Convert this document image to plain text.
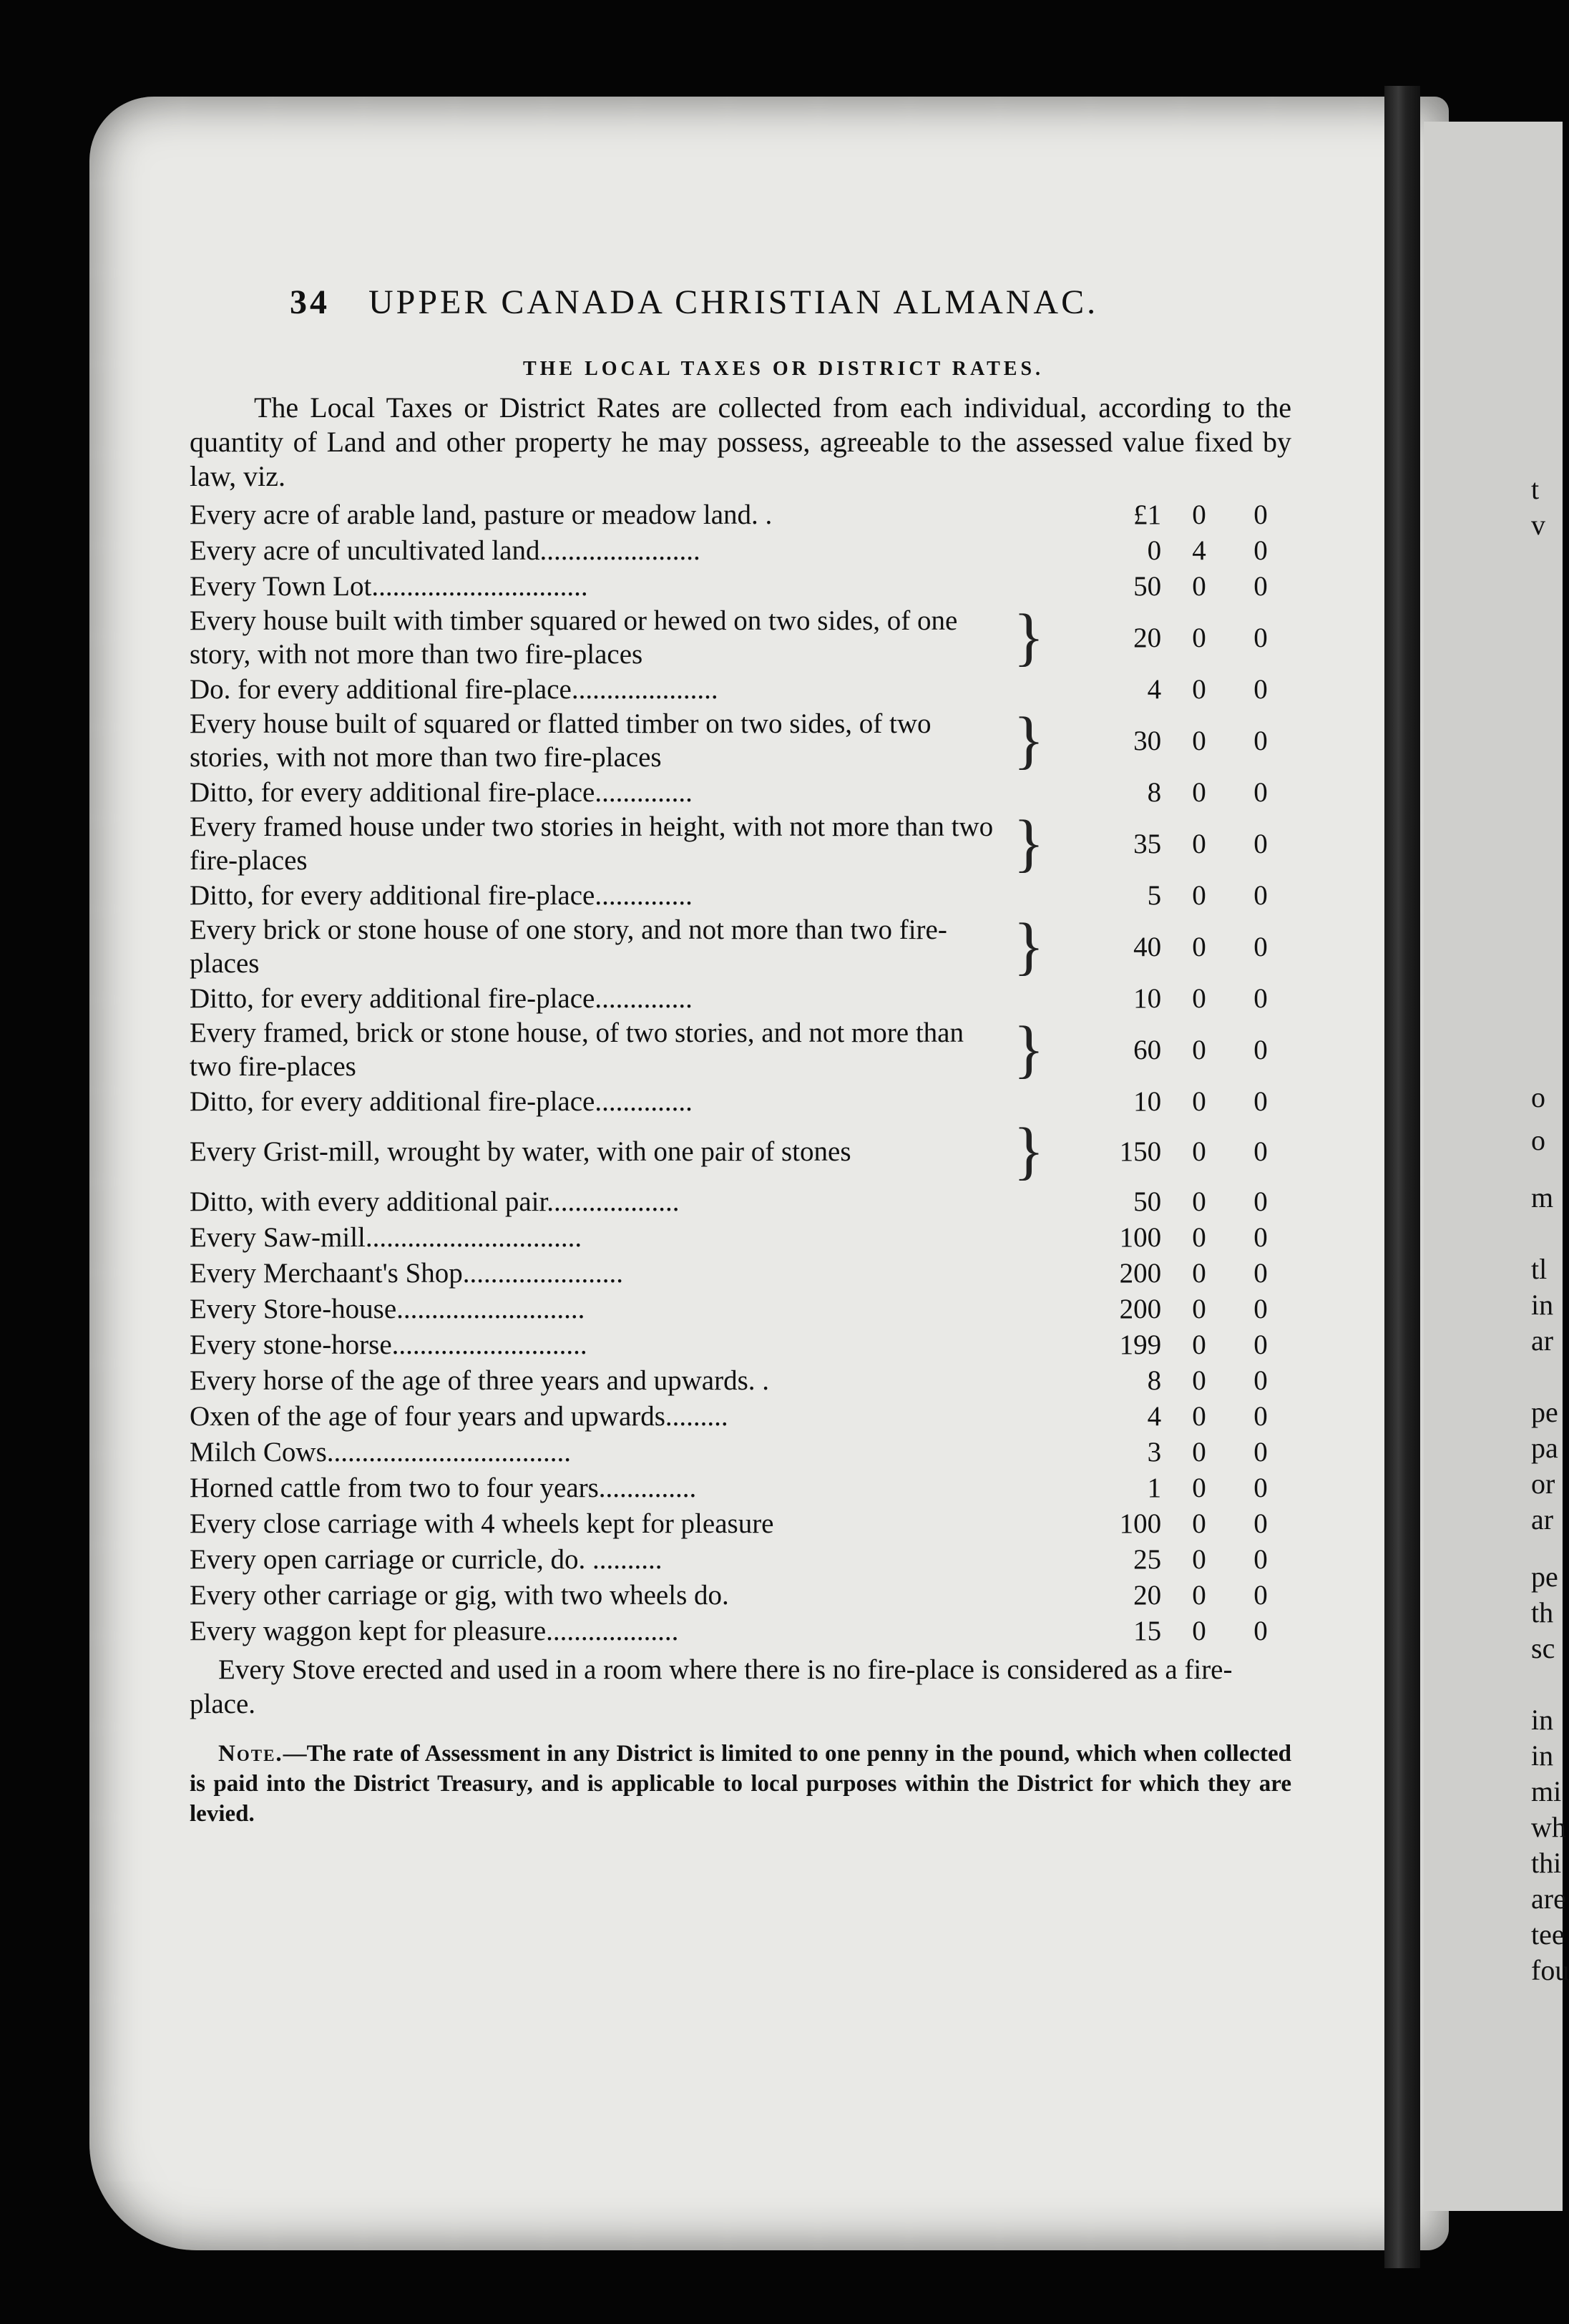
t
v
o
o
m
tl
in
ar
pe
pa
or
ar
pe
th
sc
in
in
mi
wh
thi
are
tee
fou
34	UPPER CANADA CHRISTIAN ALMANAC.
THE LOCAL TAXES OR DISTRICT RATES.

The Local Taxes or District Rates are collected from each individual, according to the quantity of Land and other property he may possess, agreeable to the assessed value fixed by law, viz.

Every acre of arable land, pasture or meadow land. .		£1	0	0
Every acre of uncultivated land.......................		0	4	0
Every Town Lot...............................		50	0	0
Every house built with timber squared or hewed on two sides, of one story, with not more than two fire-places	}	20	0	0
Do. for every additional fire-place.....................		4	0	0
Every house built of squared or flatted timber on two sides, of two stories, with not more than two fire-places	}	30	0	0
Ditto, for every additional fire-place..............		8	0	0
Every framed house under two stories in height, with not more than two fire-places	}	35	0	0
Ditto, for every additional fire-place..............		5	0	0
Every brick or stone house of one story, and not more than two fire-places	}	40	0	0
Ditto, for every additional fire-place..............		10	0	0
Every framed, brick or stone house, of two stories, and not more than two fire-places	}	60	0	0
Ditto, for every additional fire-place..............		10	0	0
Every Grist-mill, wrought by water, with one pair of stones	}	150	0	0
Ditto, with every additional pair...................		50	0	0
Every Saw-mill...............................		100	0	0
Every Merchaant's Shop.......................		200	0	0
Every Store-house...........................		200	0	0
Every stone-horse............................		199	0	0
Every horse of the age of three years and upwards. .		8	0	0
Oxen of the age of four years and upwards.........		4	0	0
Milch Cows...................................		3	0	0
Horned cattle from two to four years..............		1	0	0
Every close carriage with 4 wheels kept for pleasure		100	0	0
Every open carriage or curricle, do. ..........		25	0	0
Every other carriage or gig, with two wheels do.		20	0	0
Every waggon kept for pleasure...................		15	0	0

Every Stove erected and used in a room where there is no fire-place is considered as a fire-place.

Note.—The rate of Assessment in any District is limited to one penny in the pound, which when collected is paid into the District Treasury, and is applicable to local purposes within the District for which they are levied.
